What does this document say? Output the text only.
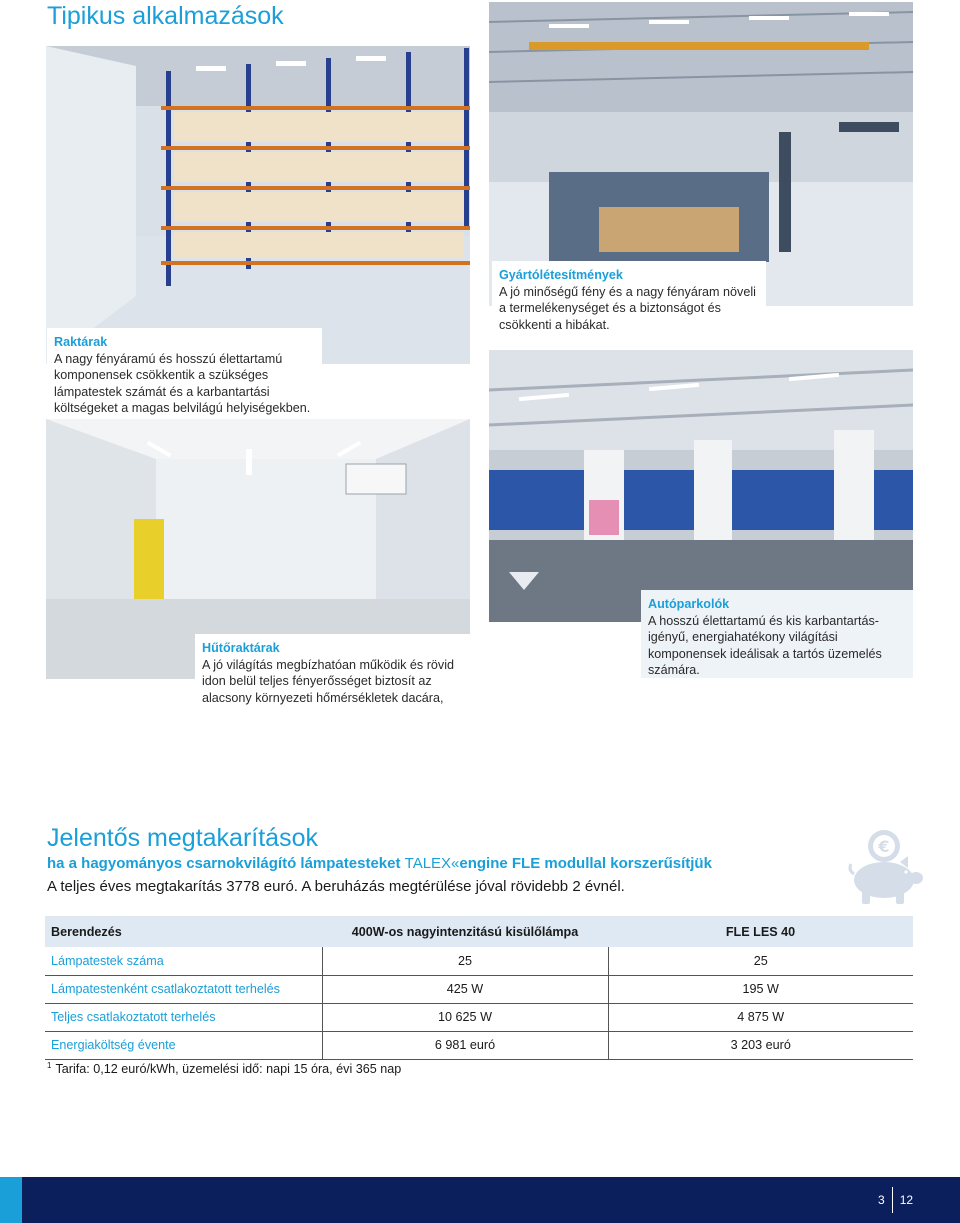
Tipikus alkalmazások
Raktárak
A nagy fényáramú és hosszú élettartamú komponensek csökkentik a szükséges lámpatestek számát és a karbantartási költségeket a magas belvilágú helyiségekben.
Gyártólétesítmények
A jó minőségű fény és a nagy fényáram növeli a termelékenységet és a biztonságot és csökkenti a hibákat.
Hűtőraktárak
A jó világítás megbízhatóan működik és rövid idon belül teljes fényerősséget biztosít az alacsony környezeti hőmérsékletek dacára,
Autóparkolók
A hosszú élettartamú és kis karbantartás-igényű, energiahatékony világítási komponensek ideálisak a tartós üzemelés számára.
Jelentős megtakarítások
ha a hagyományos csarnokvilágító lámpatesteket TALEX«engine FLE modullal korszerűsítjük
A teljes éves megtakarítás 3778 euró. A beruházás megtérülése jóval rövidebb 2 évnél.
€
Berendezés	400W-os nagyintenzitású kisülőlámpa	FLE LES 40
Lámpatestek száma	25	25
Lámpatestenként csatlakoztatott terhelés	425 W	195 W
Teljes csatlakoztatott terhelés	10 625 W	4 875 W
Energiaköltség évente	6 981 euró	3 203 euró
$^1$ Tarifa: 0,12 euró/kWh, üzemelési idő: napi 15 óra, évi 365 nap
3 12
